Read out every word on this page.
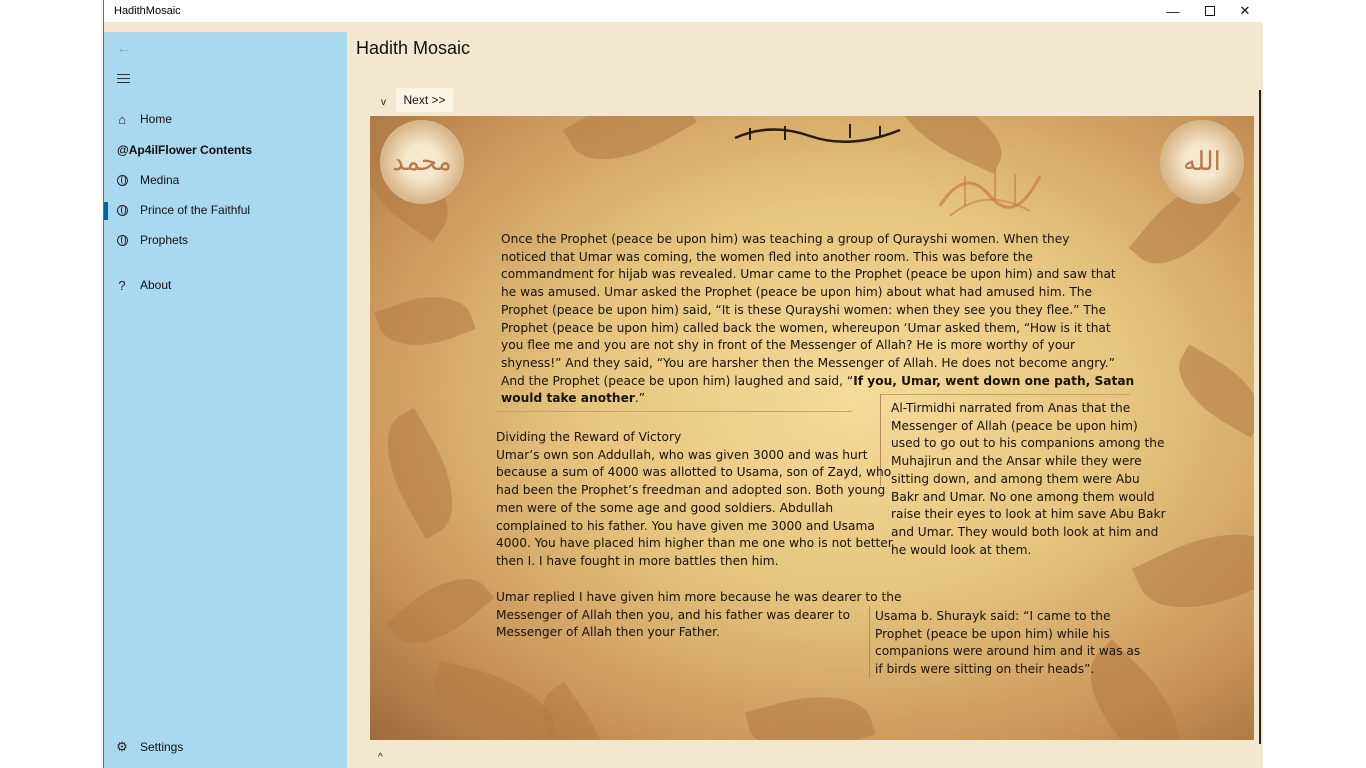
HadithMosaic	—	✕
←
⌂	Home
@Ap4ilFlower Contents
Medina
Prince of the Faithful
Prophets
?	About
⚙	Settings
Hadith Mosaic
v	Next >>
محمد	الله
Once the Prophet (peace be upon him) was teaching a group of Qurayshi women. When they
noticed that Umar was coming, the women fled into another room. This was before the
commandment for hijab was revealed. Umar came to the Prophet (peace be upon him) and saw that
he was amused. Umar asked the Prophet (peace be upon him) about what had amused him. The
Prophet (peace be upon him) said, “It is these Qurayshi women: when they see you they flee.” The
Prophet (peace be upon him) called back the women, whereupon ‘Umar asked them, “How is it that
you flee me and you are not shy in front of the Messenger of Allah? He is more worthy of your
shyness!” And they said, “You are harsher then the Messenger of Allah. He does not become angry.”
And the Prophet (peace be upon him) laughed and said, “If you, Umar, went down one path, Satan
would take another.”
Dividing the Reward of Victory
Umar’s own son Addullah, who was given 3000 and was hurt
because a sum of 4000 was allotted to Usama, son of Zayd, who
had been the Prophet’s freedman and adopted son. Both young
men were of the some age and good soldiers. Abdullah
complained to his father. You have given me 3000 and Usama
4000. You have placed him higher than me one who is not better
then I. I have fought in more battles then him.
Umar replied I have given him more because he was dearer to the
Messenger of Allah then you, and his father was dearer to
Messenger of Allah then your Father.
Al-Tirmidhi narrated from Anas that the
Messenger of Allah (peace be upon him)
used to go out to his companions among the
Muhajirun and the Ansar while they were
sitting down, and among them were Abu
Bakr and Umar. No one among them would
raise their eyes to look at him save Abu Bakr
and Umar. They would both look at him and
he would look at them.
Usama b. Shurayk said: “I came to the
Prophet (peace be upon him) while his
companions were around him and it was as
if birds were sitting on their heads”.
^
